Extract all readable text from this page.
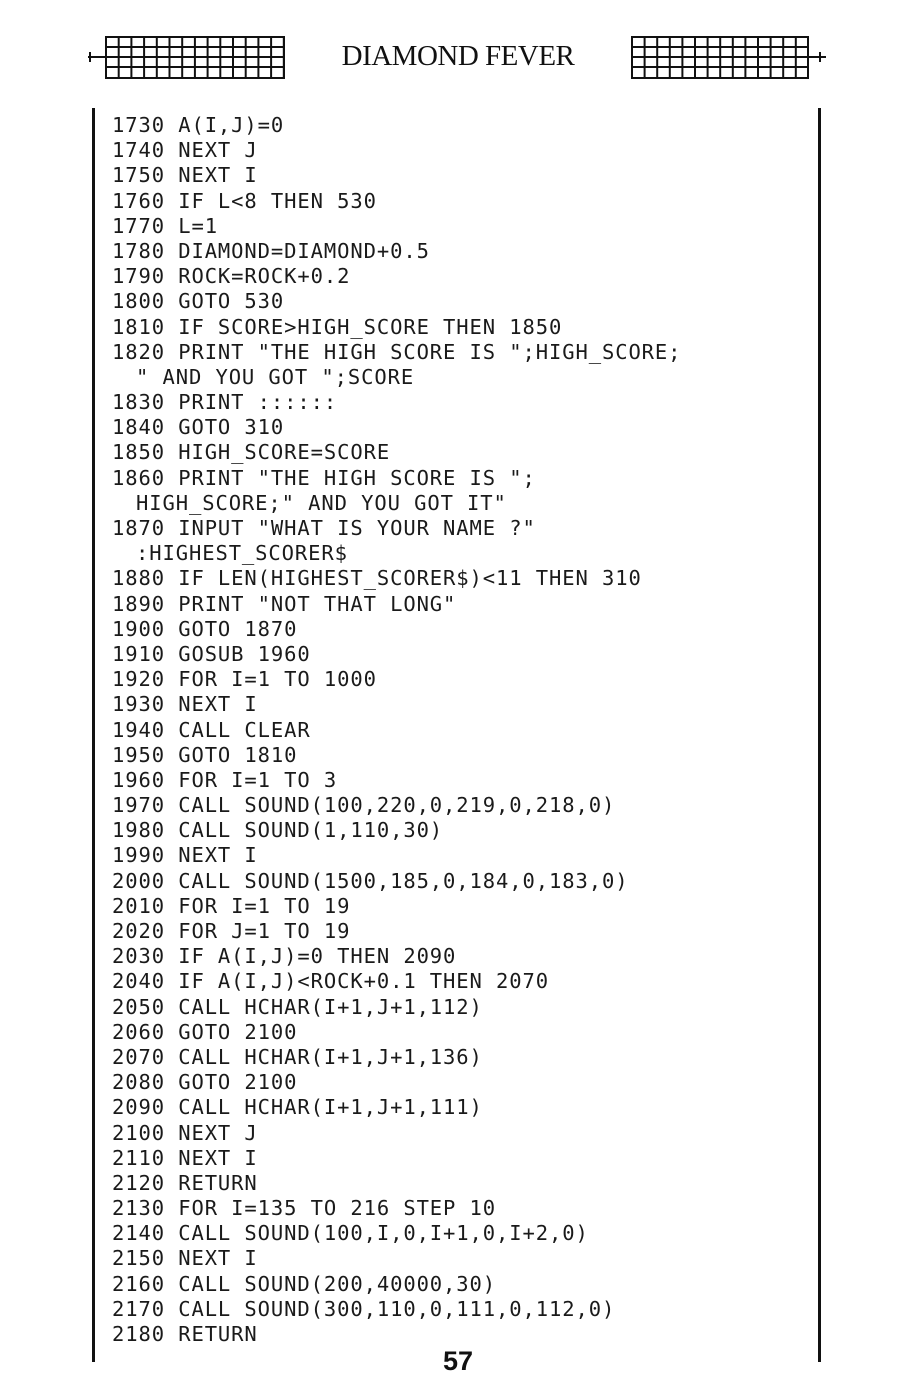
DIAMOND FEVER
1730 A(I,J)=0
1740 NEXT J
1750 NEXT I
1760 IF L<8 THEN 530
1770 L=1
1780 DIAMOND=DIAMOND+0.5
1790 ROCK=ROCK+0.2
1800 GOTO 530
1810 IF SCORE>HIGH_SCORE THEN 1850
1820 PRINT "THE HIGH SCORE IS ";HIGH_SCORE;
" AND YOU GOT ";SCORE
1830 PRINT ::::::
1840 GOTO 310
1850 HIGH_SCORE=SCORE
1860 PRINT "THE HIGH SCORE IS ";
HIGH_SCORE;" AND YOU GOT IT"
1870 INPUT "WHAT IS YOUR NAME ?"
:HIGHEST_SCORER$
1880 IF LEN(HIGHEST_SCORER$)<11 THEN 310
1890 PRINT "NOT THAT LONG"
1900 GOTO 1870
1910 GOSUB 1960
1920 FOR I=1 TO 1000
1930 NEXT I
1940 CALL CLEAR
1950 GOTO 1810
1960 FOR I=1 TO 3
1970 CALL SOUND(100,220,0,219,0,218,0)
1980 CALL SOUND(1,110,30)
1990 NEXT I
2000 CALL SOUND(1500,185,0,184,0,183,0)
2010 FOR I=1 TO 19
2020 FOR J=1 TO 19
2030 IF A(I,J)=0 THEN 2090
2040 IF A(I,J)<ROCK+0.1 THEN 2070
2050 CALL HCHAR(I+1,J+1,112)
2060 GOTO 2100
2070 CALL HCHAR(I+1,J+1,136)
2080 GOTO 2100
2090 CALL HCHAR(I+1,J+1,111)
2100 NEXT J
2110 NEXT I
2120 RETURN
2130 FOR I=135 TO 216 STEP 10
2140 CALL SOUND(100,I,0,I+1,0,I+2,0)
2150 NEXT I
2160 CALL SOUND(200,40000,30)
2170 CALL SOUND(300,110,0,111,0,112,0)
2180 RETURN
57
